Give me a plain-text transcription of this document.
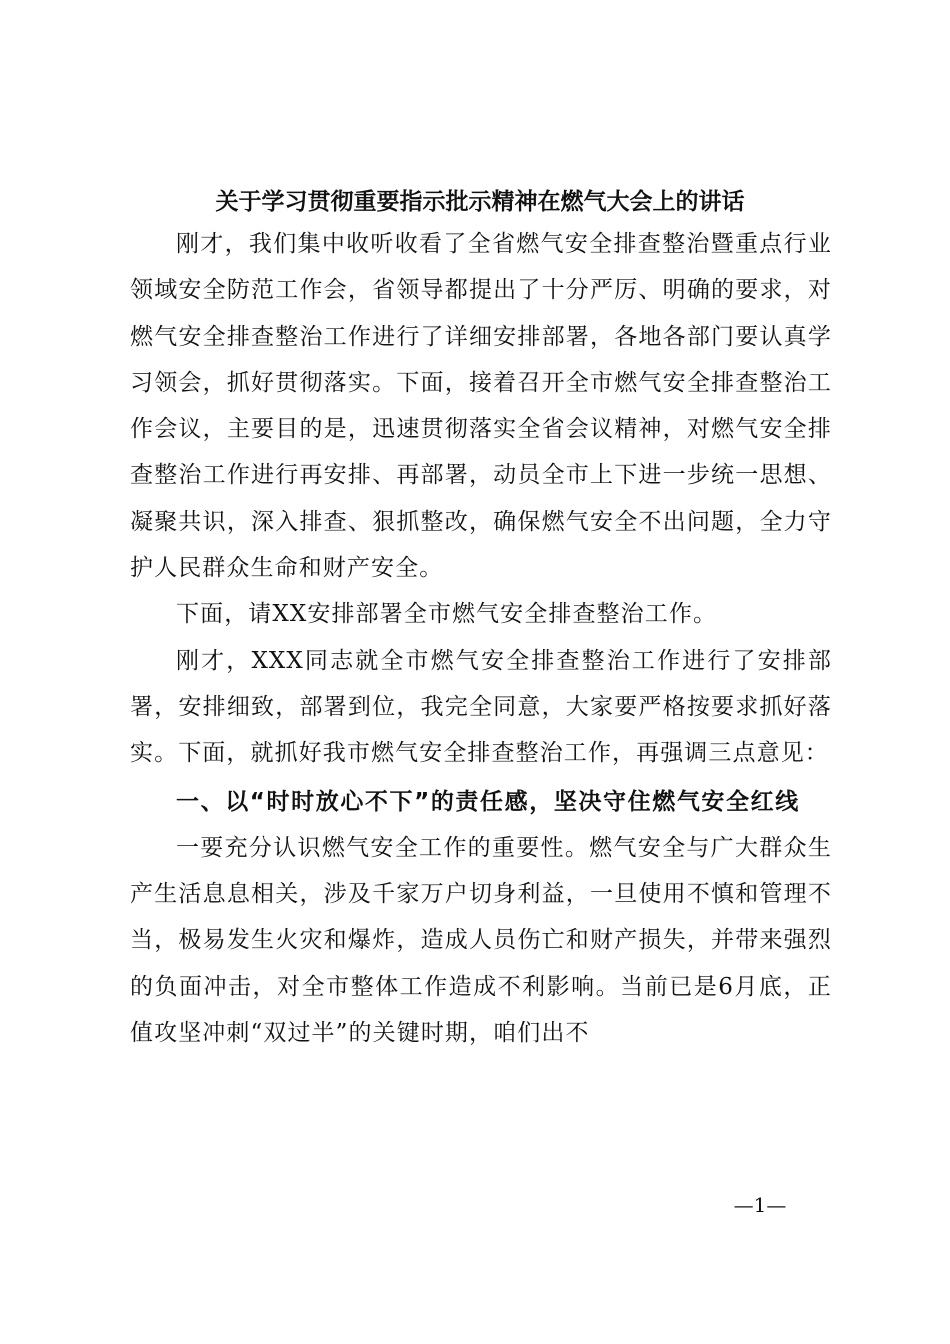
关于学习贯彻重要指示批示精神在燃气大会上的讲话

刚才，我们集中收听收看了全省燃气安全排查整治暨重点行业领域安全防范工作会，省领导都提出了十分严厉、明确的要求，对燃气安全排查整治工作进行了详细安排部署，各地各部门要认真学习领会，抓好贯彻落实。下面，接着召开全市燃气安全排查整治工作会议，主要目的是，迅速贯彻落实全省会议精神，对燃气安全排查整治工作进行再安排、再部署，动员全市上下进一步统一思想、凝聚共识，深入排查、狠抓整改，确保燃气安全不出问题，全力守护人民群众生命和财产安全。

下面，请XX安排部署全市燃气安全排查整治工作。

刚才，XXX同志就全市燃气安全排查整治工作进行了安排部署，安排细致，部署到位，我完全同意，大家要严格按要求抓好落实。下面，就抓好我市燃气安全排查整治工作，再强调三点意见：

一、以“时时放心不下”的责任感，坚决守住燃气安全红线

一要充分认识燃气安全工作的重要性。燃气安全与广大群众生产生活息息相关，涉及千家万户切身利益，一旦使用不慎和管理不当，极易发生火灾和爆炸，造成人员伤亡和财产损失，并带来强烈的负面冲击，对全市整体工作造成不利影响。当前已是6月底，正值攻坚冲刺“双过半”的关键时期，咱们出不

—1—
